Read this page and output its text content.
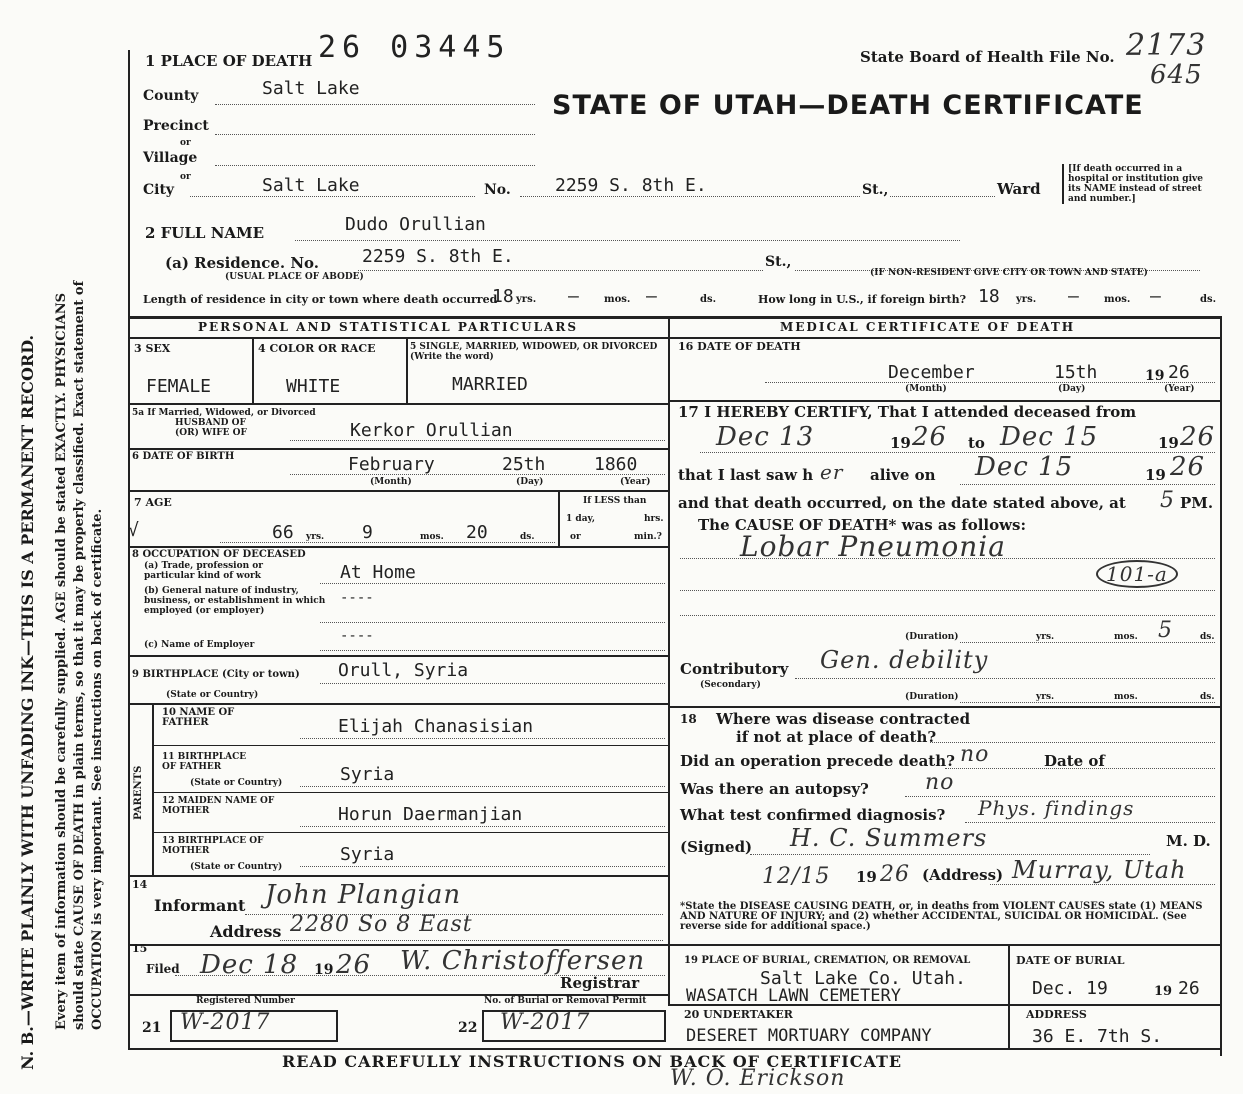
N. B.—WRITE PLAINLY WITH UNFADING INK—THIS IS A PERMANENT RECORD. Every item of information should be carefully supplied. AGE should be stated EXACTLY. PHYSICIANS should state CAUSE OF DEATH in plain terms, so that it may be properly classified. Exact statement of OCCUPATION is very important. See instructions on back of certificate.
26 03445	State Board of Health File No. 2173
645
STATE OF UTAH—DEATH CERTIFICATE
1 PLACE OF DEATH
County	Salt Lake
Precinct
or
Village
or
City	Salt Lake	No. 2259 S. 8th E.	St.,	Ward
[If death occurred in a hospital or institution give its NAME instead of street and number.]
2 FULL NAME	Dudo Orullian
(a) Residence. No. 2259 S. 8th E.	St.,
(USUAL PLACE OF ABODE)	(IF NON-RESIDENT GIVE CITY OR TOWN AND STATE)
Length of residence in city or town where death occurred
18 yrs. –	mos. –	ds.	How long in U.S., if foreign birth? 18 yrs. –	mos. –	ds.
PERSONAL AND STATISTICAL PARTICULARS
3 SEX
FEMALE
4 COLOR OR RACE
WHITE
5 SINGLE, MARRIED, WIDOWED, OR DIVORCED (Write the word)
MARRIED
5a If Married, Widowed, or Divorced
HUSBAND OF
(OR) WIFE OF	Kerkor Orullian
6 DATE OF BIRTH	February	25th	1860
(Month)	(Day)	(Year)
7 AGE
√	66 yrs. 9	mos. 20	ds.
If LESS than
1 day,	hrs.
or	min.?
8 OCCUPATION OF DECEASED
(a) Trade, profession or particular kind of work	At Home
(b) General nature of industry, business, or establishment in which employed (or employer)
----
(c) Name of Employer
----
9 BIRTHPLACE (City or town)
(State or Country)
Orull, Syria
PARENTS
10 NAME OF FATHER	Elijah Chanasisian
11 BIRTHPLACE OF FATHER
(State or Country)	Syria
12 MAIDEN NAME OF MOTHER	Horun Daermanjian
13 BIRTHPLACE OF MOTHER
(State or Country)
Syria
14
Informant John Plangian
Address 2280 So 8 East
15
Filed Dec 18 19 26 W. Christoffersen
Registrar
Registered Number
21 W-2017
No. of Burial or Removal Permit
22 W-2017
MEDICAL CERTIFICATE OF DEATH
16 DATE OF DEATH
December	15th	19 26
(Month)	(Day)	(Year)
17 I HEREBY CERTIFY, That I attended deceased from
Dec 13	19 26 to Dec 15	19 26
that I last saw h er alive on Dec 15	19 26
and that death occurred, on the date stated above, at 5 PM.
The CAUSE OF DEATH* was as follows:
Lobar Pneumonia
101-a
(Duration)	yrs.	mos. 5	ds.
Contributory
(Secondary)
Gen. debility
(Duration)	yrs.	mos.	ds.
18 Where was disease contracted
if not at place of death?
Did an operation precede death? no	Date of
Was there an autopsy?	no
What test confirmed diagnosis? Phys. findings
(Signed) H. C. Summers	M. D.
12/15 19 26 (Address) Murray, Utah
*State the DISEASE CAUSING DEATH, or, in deaths from VIOLENT CAUSES state (1) MEANS AND NATURE OF INJURY; and (2) whether ACCIDENTAL, SUICIDAL OR HOMICIDAL. (See reverse side for additional space.)
19 PLACE OF BURIAL, CREMATION, OR REMOVAL
Salt Lake Co. Utah.
WASATCH LAWN CEMETERY
DATE OF BURIAL
Dec. 19	19 26
20 UNDERTAKER
DESERET MORTUARY COMPANY
ADDRESS
36 E. 7th S.
READ CAREFULLY INSTRUCTIONS ON BACK OF CERTIFICATE
W. O. Erickson
